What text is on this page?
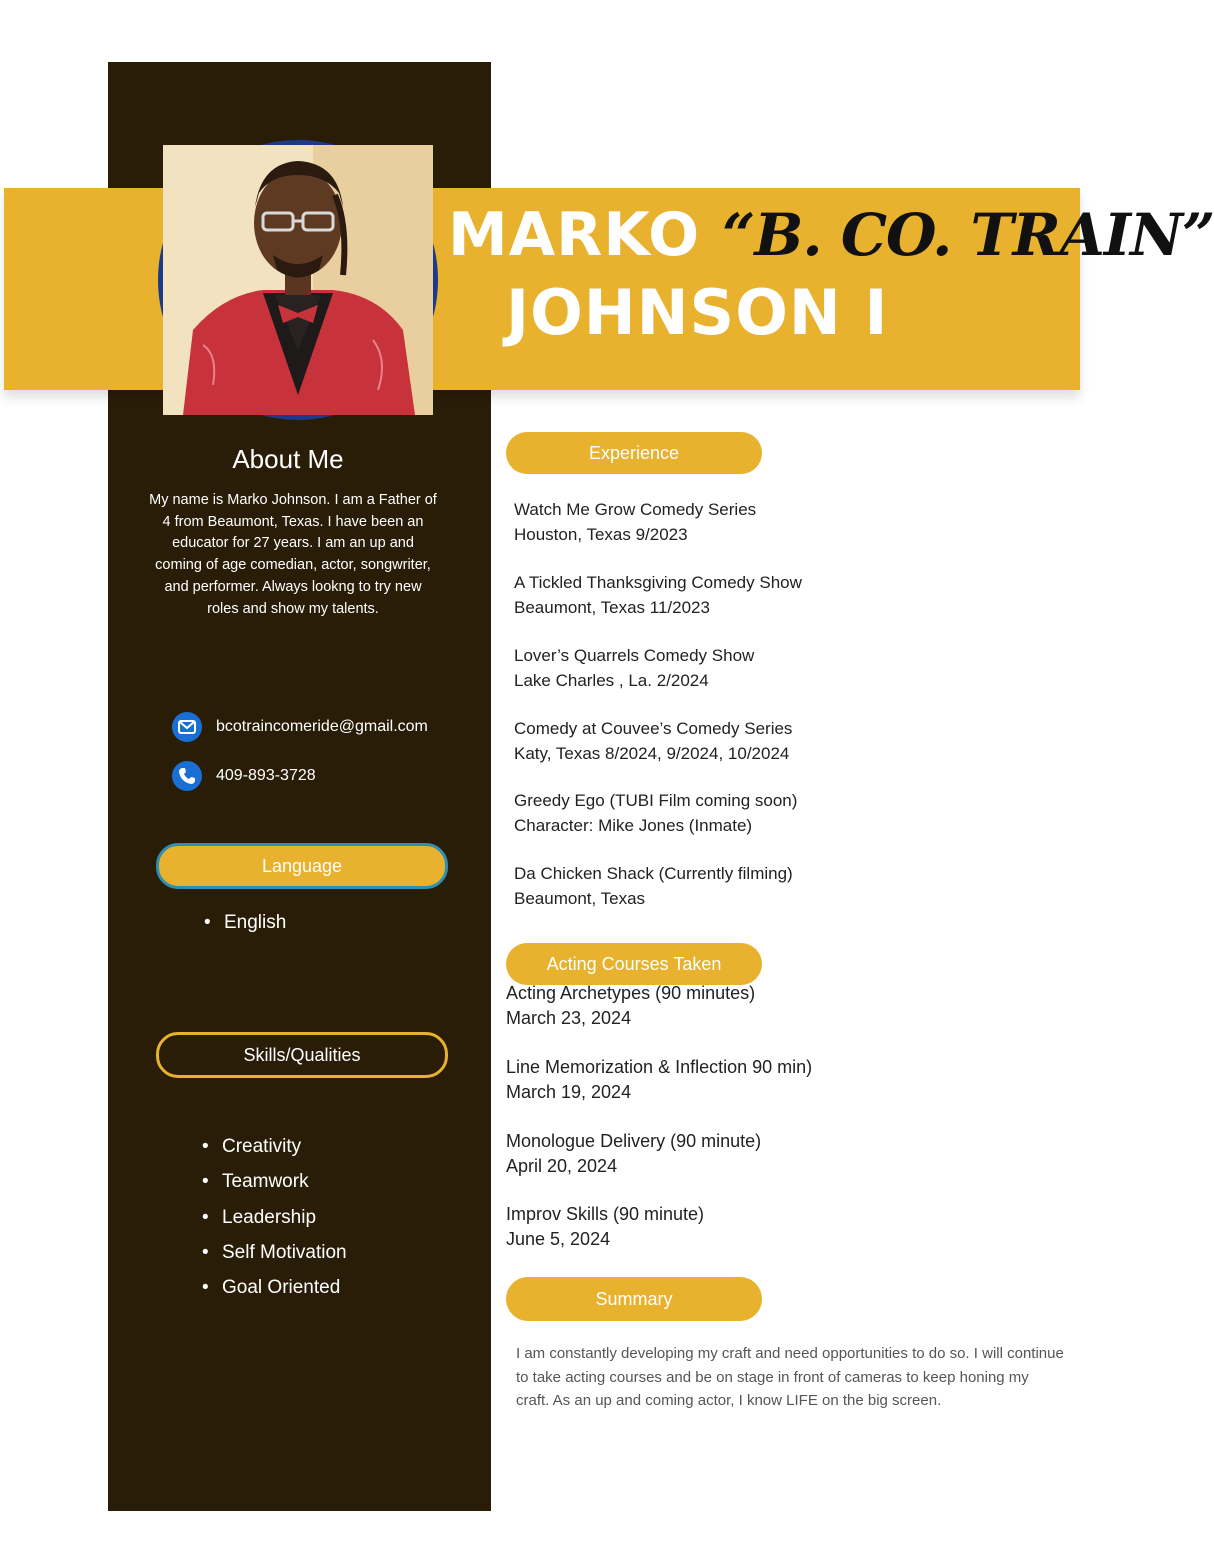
MARKO “B. CO. TRAIN”
JOHNSON I
About Me
My name is Marko Johnson. I am a Father of 4 from Beaumont, Texas. I have been an educator for 27 years. I am an up and coming of age comedian, actor, songwriter, and performer. Always lookng to try new roles and show my talents.
bcotraincomeride@gmail.com
409-893-3728
Language
• English
Skills/Qualities
• Creativity
• Teamwork
• Leadership
• Self Motivation
• Goal Oriented
Experience
Watch Me Grow Comedy Series
Houston, Texas 9/2023
A Tickled Thanksgiving Comedy Show
Beaumont, Texas 11/2023
Lover’s Quarrels Comedy Show
Lake Charles , La. 2/2024
Comedy at Couvee’s Comedy Series
Katy, Texas 8/2024, 9/2024, 10/2024
Greedy Ego (TUBI Film coming soon)
Character: Mike Jones (Inmate)
Da Chicken Shack (Currently filming)
Beaumont, Texas
Acting Courses Taken
Acting Archetypes (90 minutes)
March 23, 2024
Line Memorization & Inflection 90 min)
March 19, 2024
Monologue Delivery (90 minute)
April 20, 2024
Improv Skills (90 minute)
June 5, 2024
Summary
I am constantly developing my craft and need opportunities to do so. I will continue to take acting courses and be on stage in front of cameras to keep honing my craft. As an up and coming actor, I know LIFE on the big screen.
